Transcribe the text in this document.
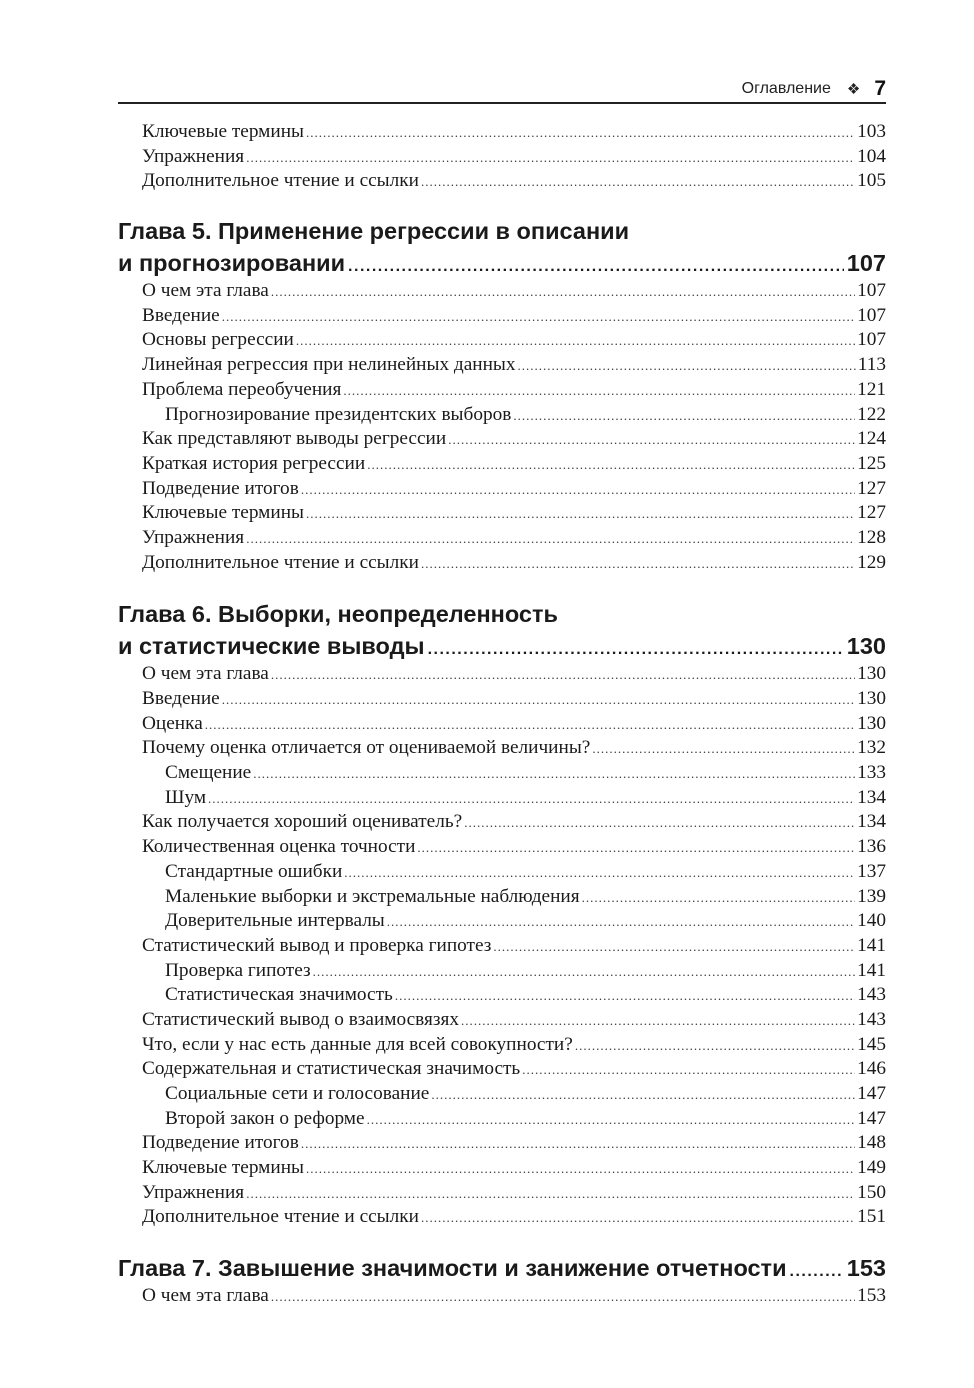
Оглавление ❖ 7
Ключевые термины .....	103
Упражнения .....	104
Дополнительное чтение и ссылки .....	105
Глава 5. Применение регрессии в описании
и прогнозировании .....	107
О чем эта глава .....	107
Введение .....	107
Основы регрессии .....	107
Линейная регрессия при нелинейных данных .....	113
Проблема переобучения .....	121
Прогнозирование президентских выборов .....	122
Как представляют выводы регрессии .....	124
Краткая история регрессии .....	125
Подведение итогов .....	127
Ключевые термины .....	127
Упражнения .....	128
Дополнительное чтение и ссылки .....	129
Глава 6. Выборки, неопределенность
и статистические выводы .....	130
О чем эта глава .....	130
Введение .....	130
Оценка .....	130
Почему оценка отличается от оцениваемой величины? .....	132
Смещение .....	133
Шум .....	134
Как получается хороший оцениватель? .....	134
Количественная оценка точности .....	136
Стандартные ошибки .....	137
Маленькие выборки и экстремальные наблюдения .....	139
Доверительные интервалы .....	140
Статистический вывод и проверка гипотез .....	141
Проверка гипотез .....	141
Статистическая значимость .....	143
Статистический вывод о взаимосвязях .....	143
Что, если у нас есть данные для всей совокупности? .....	145
Содержательная и статистическая значимость .....	146
Социальные сети и голосование .....	147
Второй закон о реформе .....	147
Подведение итогов .....	148
Ключевые термины .....	149
Упражнения .....	150
Дополнительное чтение и ссылки .....	151
Глава 7. Завышение значимости и занижение отчетности .....	153
О чем эта глава .....	153
